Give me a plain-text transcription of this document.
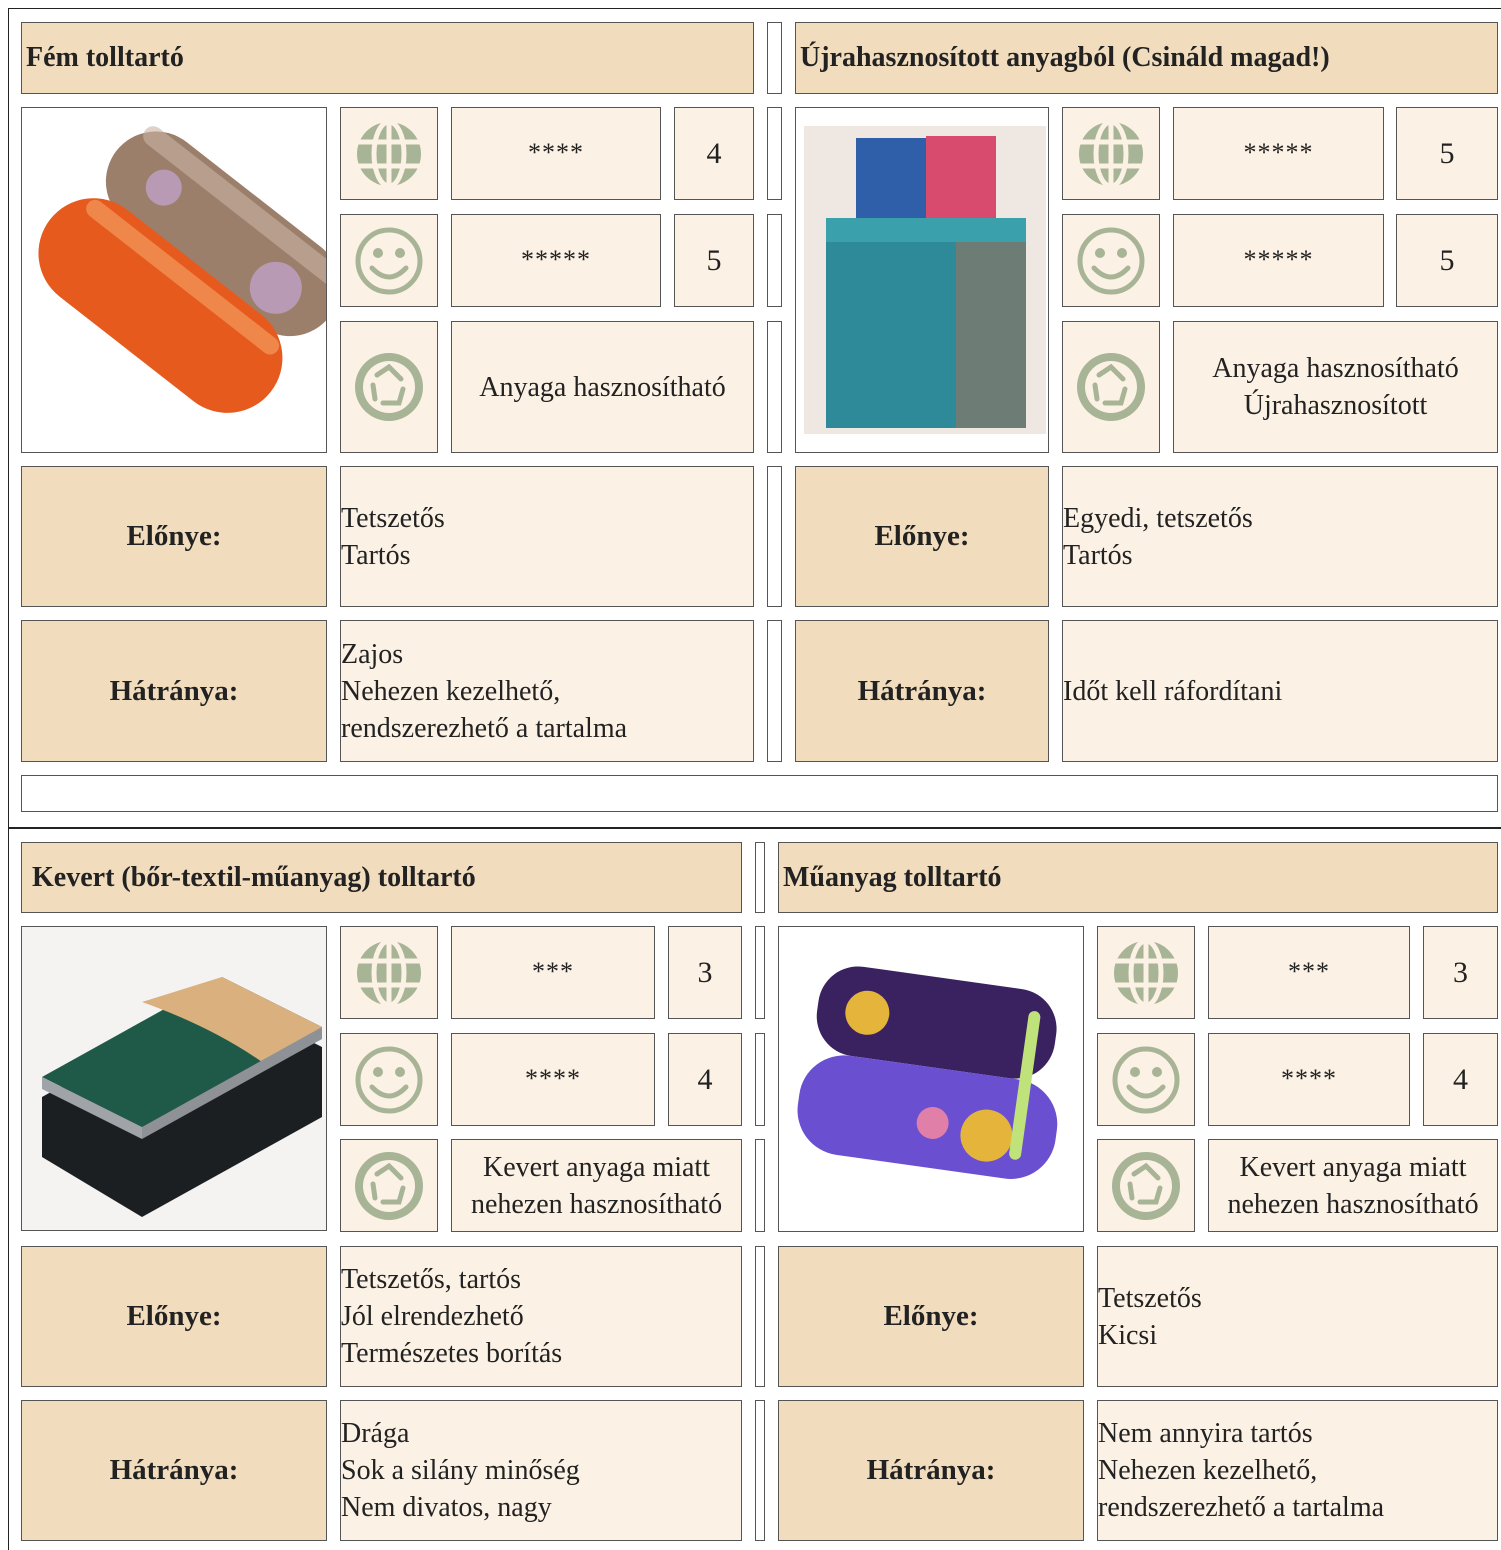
Fém tolltartó
****	4
*****	5
Anyaga hasznosítható
Előnye:
Tetszetős
Tartós
Hátránya:
Zajos
Nehezen kezelhető,
rendszerezhető a tartalma
Újrahasznosított anyagból (Csináld magad!)
*****	5
*****	5
Anyaga hasznosítható
Újrahasznosított
Előnye:
Egyedi, tetszetős
Tartós
Hátránya:	Időt kell ráfordítani
Kevert (bőr-textil-műanyag) tolltartó
***	3
****	4
Kevert anyaga miatt
nehezen hasznosítható
Előnye:
Tetszetős, tartós
Jól elrendezhető
Természetes borítás
Hátránya:
Drága
Sok a silány minőség
Nem divatos, nagy
Műanyag tolltartó
***	3
****	4
Kevert anyaga miatt
nehezen hasznosítható
Előnye:
Tetszetős
Kicsi
Hátránya:
Nem annyira tartós
Nehezen kezelhető,
rendszerezhető a tartalma
